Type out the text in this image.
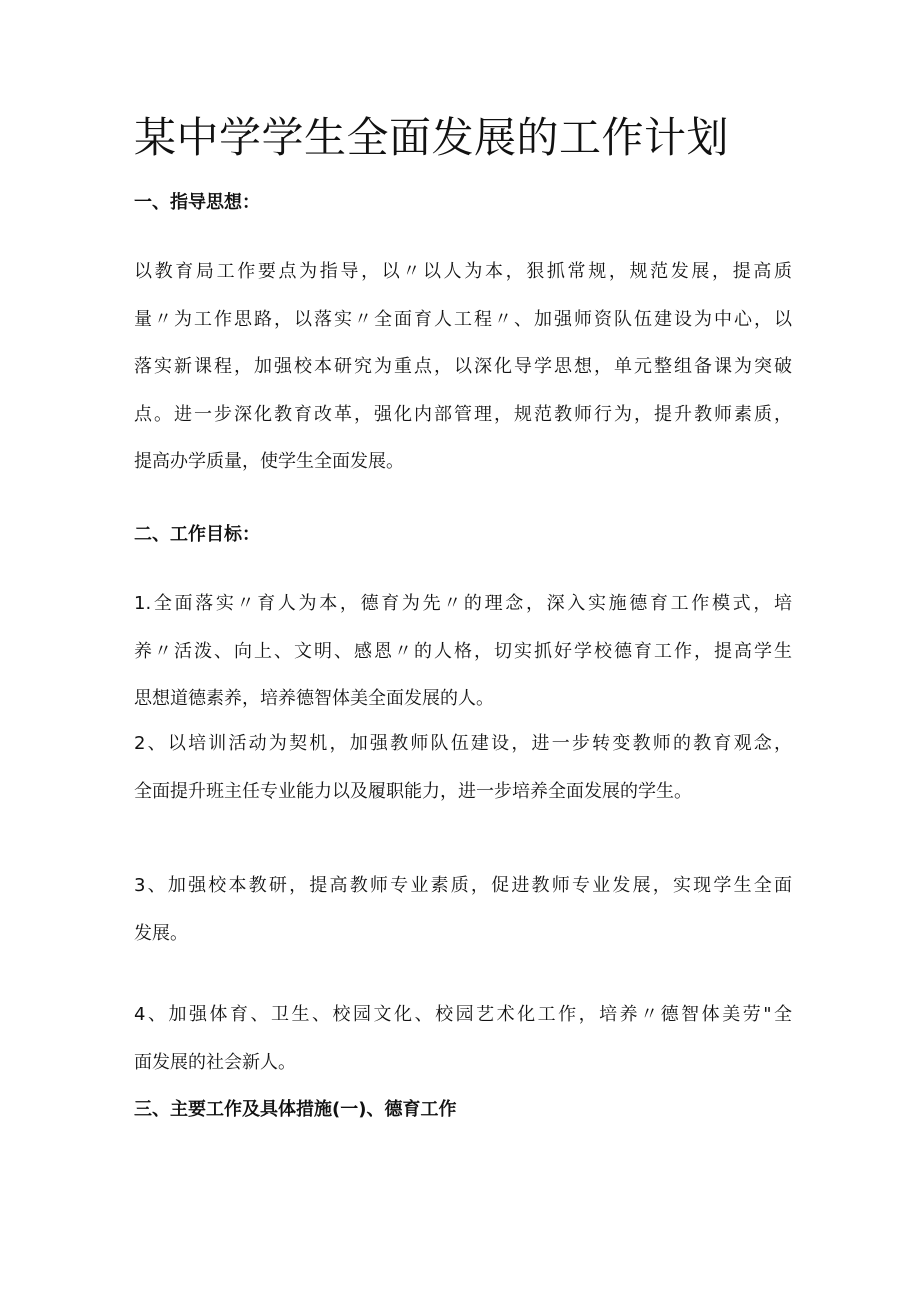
某中学学生全面发展的工作计划
一、指导思想：
以教育局工作要点为指导，以〃以人为本，狠抓常规，规范发展，提高质
量〃为工作思路，以落实〃全面育人工程〃、加强师资队伍建设为中心，以
落实新课程，加强校本研究为重点，以深化导学思想，单元整组备课为突破
点。进一步深化教育改革，强化内部管理，规范教师行为，提升教师素质，
提高办学质量，使学生全面发展。
二、工作目标：
1.全面落实〃育人为本，德育为先〃的理念，深入实施德育工作模式，培
养〃活泼、向上、文明、感恩〃的人格，切实抓好学校德育工作，提高学生
思想道德素养，培养德智体美全面发展的人。
2、以培训活动为契机，加强教师队伍建设，进一步转变教师的教育观念，
全面提升班主任专业能力以及履职能力，进一步培养全面发展的学生。
3、加强校本教研，提高教师专业素质，促进教师专业发展，实现学生全面
发展。
4、加强体育、卫生、校园文化、校园艺术化工作，培养〃德智体美劳"全
面发展的社会新人。
三、主要工作及具体措施(一)、德育工作
